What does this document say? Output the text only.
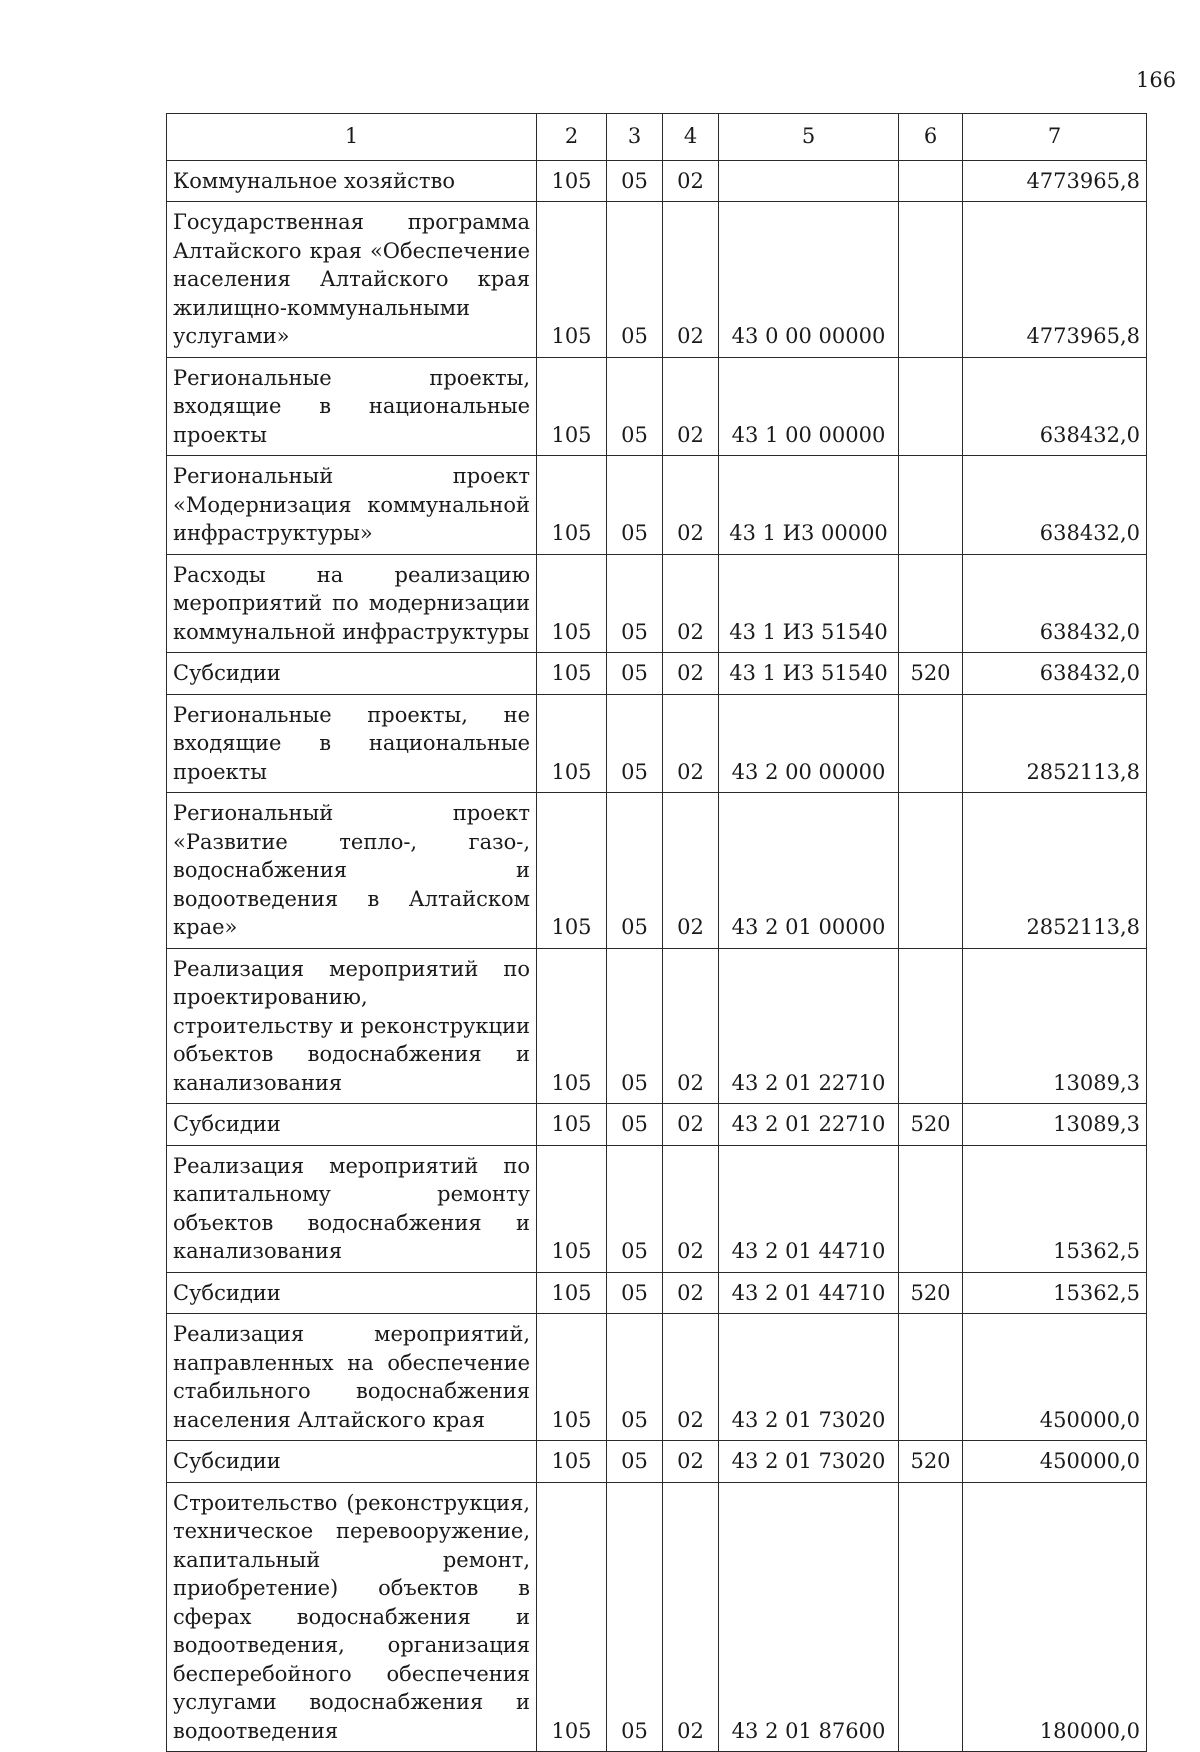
166
1	2	3	4	5	6	7
Коммунальное хозяйство	105	05	02			4773965,8
Государственная программа Алтайского края «Обеспечение населения Алтайского края жилищно-коммунальными услугами»	105	05	02	43 0 00 00000		4773965,8
Региональные проекты, входящие в национальные проекты	105	05	02	43 1 00 00000		638432,0
Региональный проект «Модернизация коммунальной инфраструктуры»	105	05	02	43 1 И3 00000		638432,0
Расходы на реализацию мероприятий по модернизации коммунальной инфраструктуры	105	05	02	43 1 И3 51540		638432,0
Субсидии	105	05	02	43 1 И3 51540	520	638432,0
Региональные проекты, не входящие в национальные проекты	105	05	02	43 2 00 00000		2852113,8
Региональный проект «Развитие тепло-, газо-, водоснабжения и водоотведения в Алтайском крае»	105	05	02	43 2 01 00000		2852113,8
Реализация мероприятий по проектированию, строительству и реконструкции объектов водоснабжения и канализования	105	05	02	43 2 01 22710		13089,3
Субсидии	105	05	02	43 2 01 22710	520	13089,3
Реализация мероприятий по капитальному ремонту объектов водоснабжения и канализования	105	05	02	43 2 01 44710		15362,5
Субсидии	105	05	02	43 2 01 44710	520	15362,5
Реализация мероприятий, направленных на обеспечение стабильного водоснабжения населения Алтайского края	105	05	02	43 2 01 73020		450000,0
Субсидии	105	05	02	43 2 01 73020	520	450000,0
Строительство (реконструкция, техническое перевооружение, капитальный ремонт, приобретение) объектов в сферах водоснабжения и водоотведения, организация бесперебойного обеспечения услугами водоснабжения и водоотведения	105	05	02	43 2 01 87600		180000,0
